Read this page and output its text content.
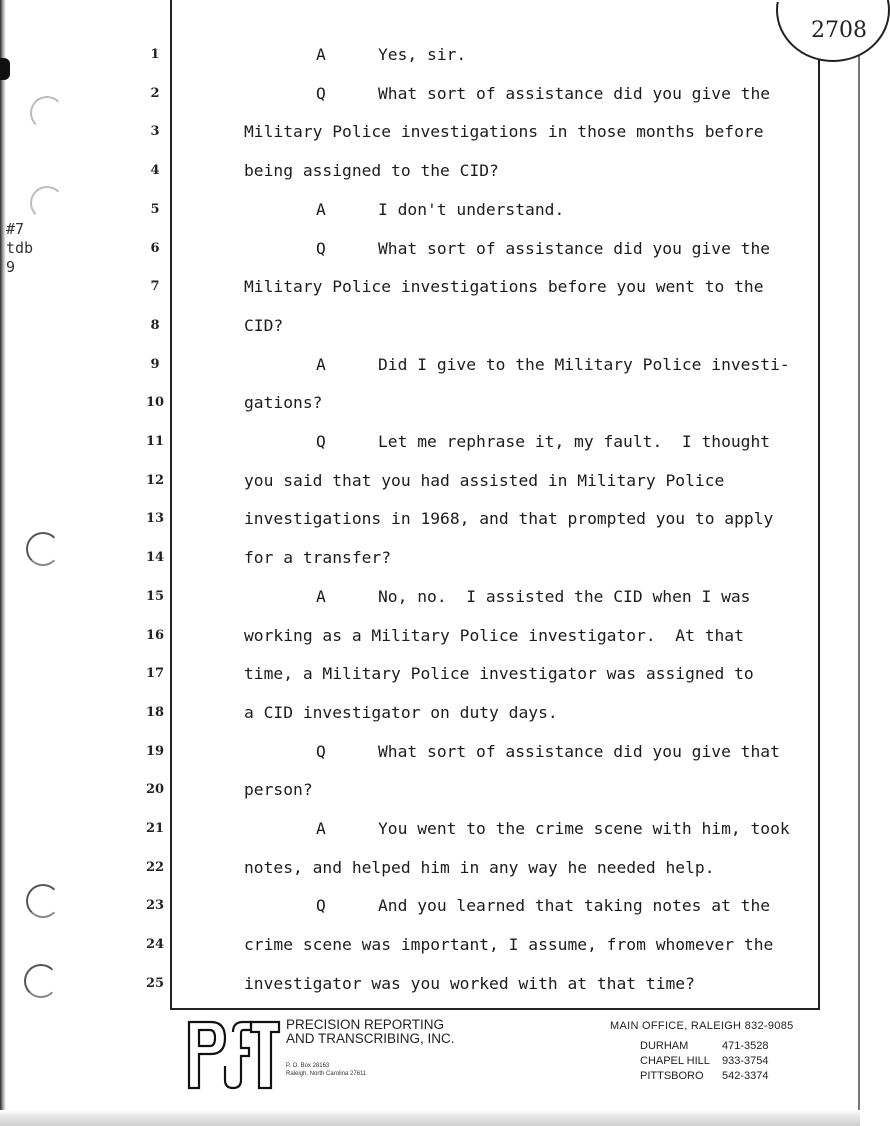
2708
#7
tdb
9
1	A	Yes, sir.
2	Q	What sort of assistance did you give the
3	Military Police investigations in those months before
4	being assigned to the CID?
5	A	I don't understand.
6	Q	What sort of assistance did you give the
7	Military Police investigations before you went to the
8	CID?
9	A	Did I give to the Military Police investi-
10	gations?
11	Q	Let me rephrase it, my fault.  I thought
12	you said that you had assisted in Military Police
13	investigations in 1968, and that prompted you to apply
14	for a transfer?
15	A	No, no.  I assisted the CID when I was
16	working as a Military Police investigator.  At that
17	time, a Military Police investigator was assigned to
18	a CID investigator on duty days.
19	Q	What sort of assistance did you give that
20	person?
21	A	You went to the crime scene with him, took
22	notes, and helped him in any way he needed help.
23	Q	And you learned that taking notes at the
24	crime scene was important, I assume, from whomever the
25	investigator was you worked with at that time?
PRECISION REPORTING
AND TRANSCRIBING, INC.
P. O. Box 28163
Raleigh, North Carolina 27611
MAIN OFFICE, RALEIGH 832-9085
DURHAM	471-3528
CHAPEL HILL 933-3754
PITTSBORO 542-3374
